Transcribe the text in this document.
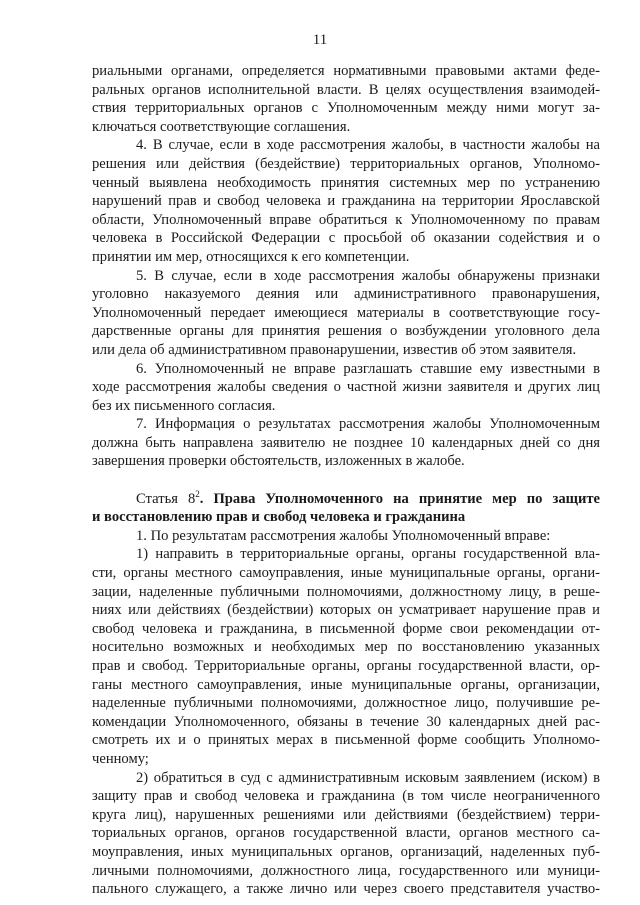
11
риальными органами, определяется нормативными правовыми актами феде-
ральных органов исполнительной власти. В целях осуществления взаимодей-
ствия территориальных органов с Уполномоченным между ними могут за-
ключаться соответствующие соглашения.
4. В случае, если в ходе рассмотрения жалобы, в частности жалобы на
решения или действия (бездействие) территориальных органов, Уполномо-
ченный выявлена необходимость принятия системных мер по устранению
нарушений прав и свобод человека и гражданина на территории Ярославской
области, Уполномоченный вправе обратиться к Уполномоченному по правам
человека в Российской Федерации с просьбой об оказании содействия и о
принятии им мер, относящихся к его компетенции.
5. В случае, если в ходе рассмотрения жалобы обнаружены признаки
уголовно наказуемого деяния или административного правонарушения,
Уполномоченный передает имеющиеся материалы в соответствующие госу-
дарственные органы для принятия решения о возбуждении уголовного дела
или дела об административном правонарушении, известив об этом заявителя.
6. Уполномоченный не вправе разглашать ставшие ему известными в
ходе рассмотрения жалобы сведения о частной жизни заявителя и других лиц
без их письменного согласия.
7. Информация о результатах рассмотрения жалобы Уполномоченным
должна быть направлена заявителю не позднее 10 календарных дней со дня
завершения проверки обстоятельств, изложенных в жалобе.
Статья $8^2$. Права Уполномоченного на принятие мер по защите
и восстановлению прав и свобод человека и гражданина
1. По результатам рассмотрения жалобы Уполномоченный вправе:
1) направить в территориальные органы, органы государственной вла-
сти, органы местного самоуправления, иные муниципальные органы, органи-
зации, наделенные публичными полномочиями, должностному лицу, в реше-
ниях или действиях (бездействии) которых он усматривает нарушение прав и
свобод человека и гражданина, в письменной форме свои рекомендации от-
носительно возможных и необходимых мер по восстановлению указанных
прав и свобод. Территориальные органы, органы государственной власти, ор-
ганы местного самоуправления, иные муниципальные органы, организации,
наделенные публичными полномочиями, должностное лицо, получившие ре-
комендации Уполномоченного, обязаны в течение 30 календарных дней рас-
смотреть их и о принятых мерах в письменной форме сообщить Уполномо-
ченному;
2) обратиться в суд с административным исковым заявлением (иском) в
защиту прав и свобод человека и гражданина (в том числе неограниченного
круга лиц), нарушенных решениями или действиями (бездействием) терри-
ториальных органов, органов государственной власти, органов местного са-
моуправления, иных муниципальных органов, организаций, наделенных пуб-
личными полномочиями, должностного лица, государственного или муници-
пального служащего, а также лично или через своего представителя участво-
